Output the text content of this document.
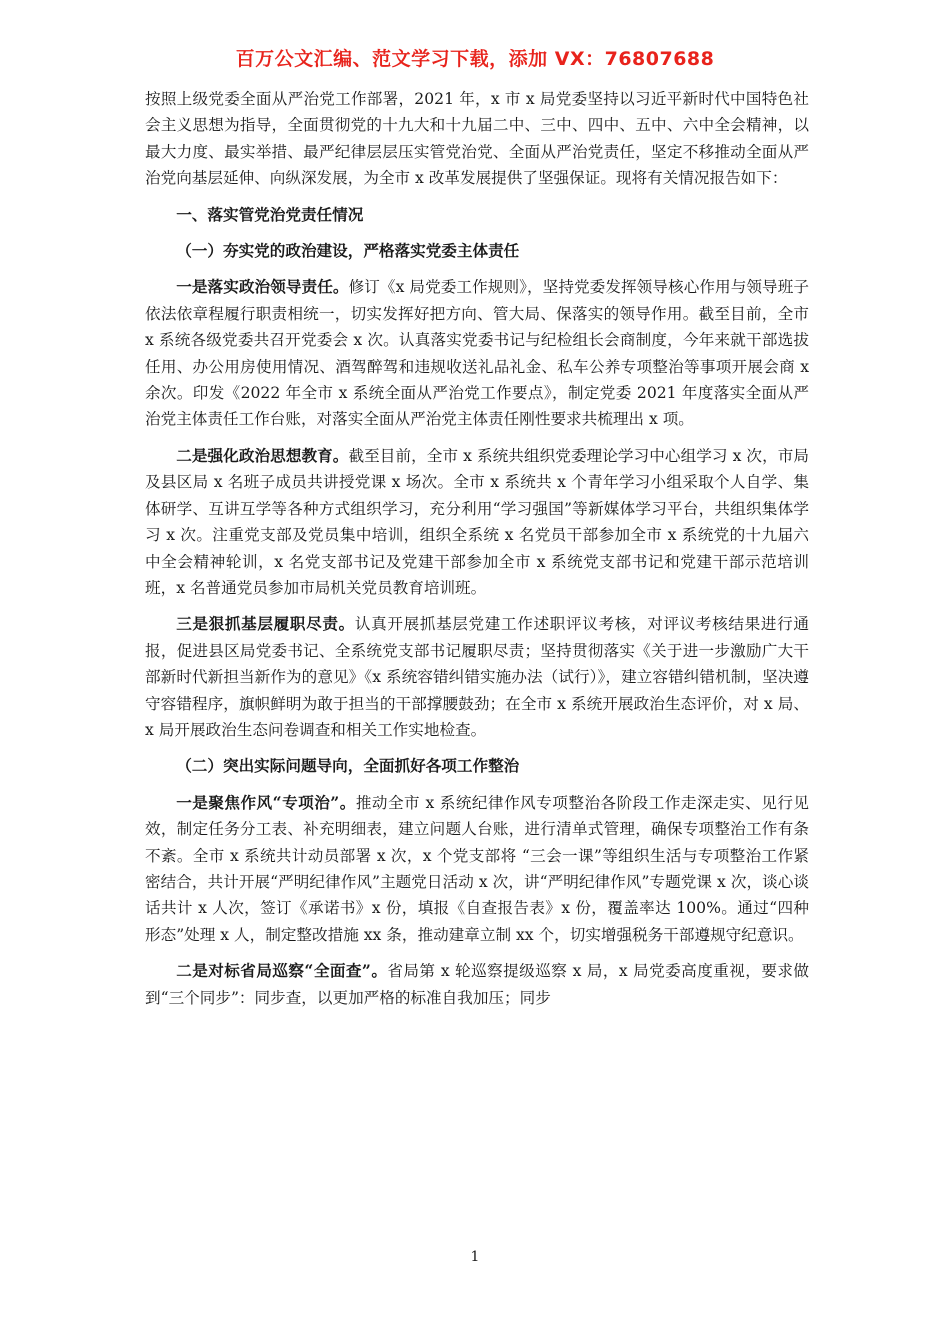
百万公文汇编、范文学习下载，添加 VX：76807688

按照上级党委全面从严治党工作部署，2021 年，x 市 x 局党委坚持以习近平新时代中国特色社会主义思想为指导，全面贯彻党的十九大和十九届二中、三中、四中、五中、六中全会精神，以最大力度、最实举措、最严纪律层层压实管党治党、全面从严治党责任，坚定不移推动全面从严治党向基层延伸、向纵深发展，为全市 x 改革发展提供了坚强保证。现将有关情况报告如下：

一、落实管党治党责任情况
（一）夯实党的政治建设，严格落实党委主体责任

一是落实政治领导责任。修订《x 局党委工作规则》，坚持党委发挥领导核心作用与领导班子依法依章程履行职责相统一，切实发挥好把方向、管大局、保落实的领导作用。截至目前，全市 x 系统各级党委共召开党委会 x 次。认真落实党委书记与纪检组长会商制度，今年来就干部选拔任用、办公用房使用情况、酒驾醉驾和违规收送礼品礼金、私车公养专项整治等事项开展会商 x 余次。印发《2022 年全市 x 系统全面从严治党工作要点》，制定党委 2021 年度落实全面从严治党主体责任工作台账，对落实全面从严治党主体责任刚性要求共梳理出 x 项。

二是强化政治思想教育。截至目前，全市 x 系统共组织党委理论学习中心组学习 x 次，市局及县区局 x 名班子成员共讲授党课 x 场次。全市 x 系统共 x 个青年学习小组采取个人自学、集体研学、互讲互学等各种方式组织学习，充分利用“学习强国”等新媒体学习平台，共组织集体学习 x 次。注重党支部及党员集中培训，组织全系统 x 名党员干部参加全市 x 系统党的十九届六中全会精神轮训，x 名党支部书记及党建干部参加全市 x 系统党支部书记和党建干部示范培训班，x 名普通党员参加市局机关党员教育培训班。

三是狠抓基层履职尽责。认真开展抓基层党建工作述职评议考核，对评议考核结果进行通报，促进县区局党委书记、全系统党支部书记履职尽责；坚持贯彻落实《关于进一步激励广大干部新时代新担当新作为的意见》《x 系统容错纠错实施办法（试行）》，建立容错纠错机制，坚决遵守容错程序，旗帜鲜明为敢于担当的干部撑腰鼓劲；在全市 x 系统开展政治生态评价，对 x 局、x 局开展政治生态问卷调查和相关工作实地检查。

（二）突出实际问题导向，全面抓好各项工作整治

一是聚焦作风“专项治”。推动全市 x 系统纪律作风专项整治各阶段工作走深走实、见行见效，制定任务分工表、补充明细表，建立问题人台账，进行清单式管理，确保专项整治工作有条不紊。全市 x 系统共计动员部署 x 次，x 个党支部将 “三会一课”等组织生活与专项整治工作紧密结合，共计开展“严明纪律作风”主题党日活动 x 次，讲“严明纪律作风”专题党课 x 次，谈心谈话共计 x 人次，签订《承诺书》x 份，填报《自查报告表》x 份，覆盖率达 100%。通过“四种形态”处理 x 人，制定整改措施 xx 条，推动建章立制 xx 个，切实增强税务干部遵规守纪意识。

二是对标省局巡察“全面查”。省局第 x 轮巡察提级巡察 x 局，x 局党委高度重视，要求做到“三个同步”：同步查，以更加严格的标准自我加压；同步

1
